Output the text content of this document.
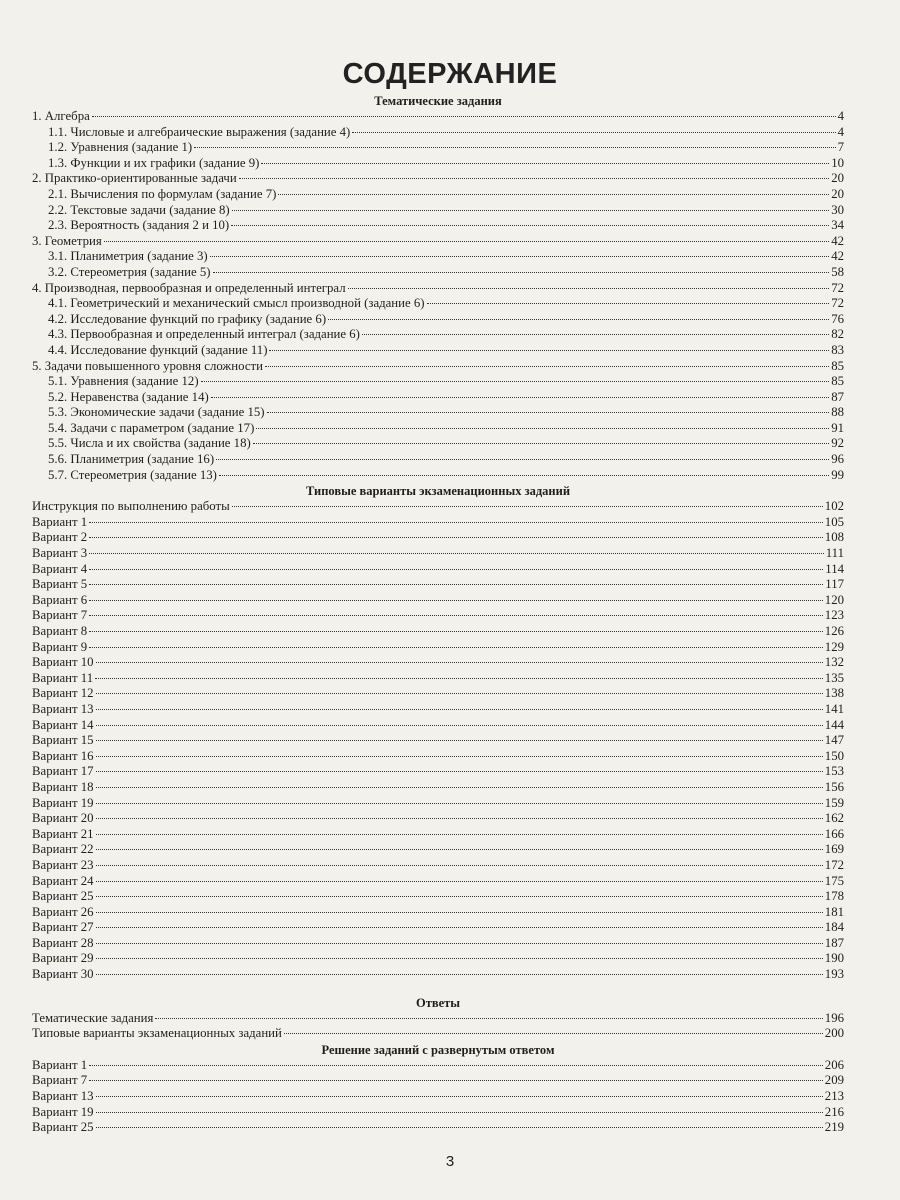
СОДЕРЖАНИЕ
Тематические задания
1. Алгебра	4
1.1. Числовые и алгебраические выражения (задание 4)	4
1.2. Уравнения (задание 1)	7
1.3. Функции и их графики (задание 9)	10
2. Практико-ориентированные задачи	20
2.1. Вычисления по формулам (задание 7)	20
2.2. Текстовые задачи (задание 8)	30
2.3. Вероятность (задания 2 и 10)	34
3. Геометрия	42
3.1. Планиметрия (задание 3)	42
3.2. Стереометрия (задание 5)	58
4. Производная, первообразная и определенный интеграл	72
4.1. Геометрический и механический смысл производной (задание 6)	72
4.2. Исследование функций по графику (задание 6)	76
4.3. Первообразная и определенный интеграл (задание 6)	82
4.4. Исследование функций (задание 11)	83
5. Задачи повышенного уровня сложности	85
5.1. Уравнения (задание 12)	85
5.2. Неравенства (задание 14)	87
5.3. Экономические задачи (задание 15)	88
5.4. Задачи с параметром (задание 17)	91
5.5. Числа и их свойства (задание 18)	92
5.6. Планиметрия (задание 16)	96
5.7. Стереометрия (задание 13)	99
Типовые варианты экзаменационных заданий
Инструкция по выполнению работы	102
Вариант 1	105
Вариант 2	108
Вариант 3	111
Вариант 4	114
Вариант 5	117
Вариант 6	120
Вариант 7	123
Вариант 8	126
Вариант 9	129
Вариант 10	132
Вариант 11	135
Вариант 12	138
Вариант 13	141
Вариант 14	144
Вариант 15	147
Вариант 16	150
Вариант 17	153
Вариант 18	156
Вариант 19	159
Вариант 20	162
Вариант 21	166
Вариант 22	169
Вариант 23	172
Вариант 24	175
Вариант 25	178
Вариант 26	181
Вариант 27	184
Вариант 28	187
Вариант 29	190
Вариант 30	193
Ответы
Тематические задания	196
Типовые варианты экзаменационных заданий	200
Решение заданий с развернутым ответом
Вариант 1	206
Вариант 7	209
Вариант 13	213
Вариант 19	216
Вариант 25	219
3
